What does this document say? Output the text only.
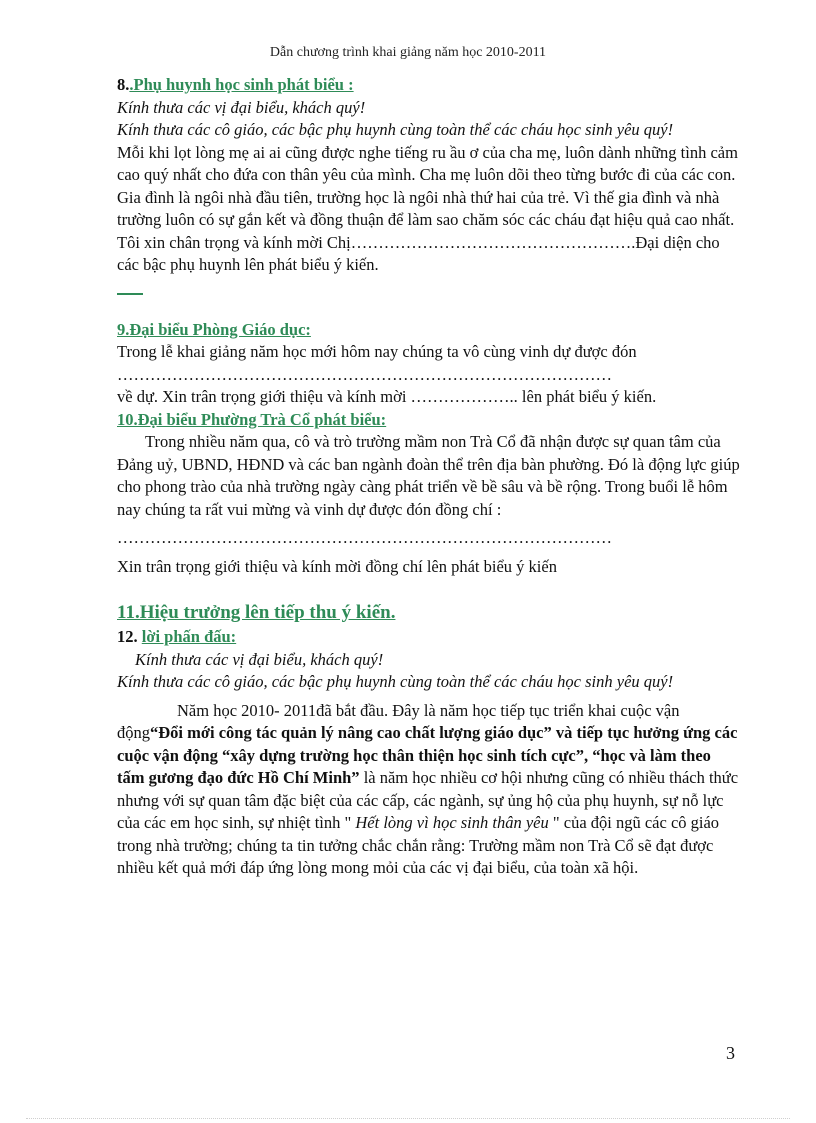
Dẫn chương trình khai giảng năm học 2010-2011

8..Phụ huynh học sinh phát biểu :

Kính thưa các vị đại biểu, khách quý!

Kính thưa các cô giáo, các bậc phụ huynh cùng toàn thể các cháu học sinh yêu quý!

Mỗi khi lọt lòng mẹ ai ai cũng được nghe tiếng ru ầu ơ của cha mẹ, luôn dành những tình cảm cao quý nhất cho đứa con thân yêu của mình. Cha mẹ luôn dõi theo từng bước đi của các con. Gia đình là ngôi nhà đầu tiên, trường học là ngôi nhà thứ hai của trẻ. Vì thế gia đình và nhà trường luôn có sự gắn kết và đồng thuận để làm sao chăm sóc các cháu đạt hiệu quả cao nhất. Tôi xin chân trọng và kính mời Chị…………………………………………….Đại diện cho các bậc phụ huynh lên phát biểu ý kiến.

9.Đại biểu Phòng Giáo dục:

Trong lễ khai giảng năm học mới hôm nay chúng ta vô cùng vinh dự được đón

………………………………………………………………………………

về dự. Xin trân trọng giới thiệu và kính mời ……………….. lên phát biểu ý kiến.

10.Đại biểu Phường Trà Cổ phát biểu:

Trong nhiều năm qua, cô và trò trường mầm non Trà Cổ đã nhận được sự quan tâm của Đảng uỷ, UBND, HĐND và các ban ngành đoàn thể trên địa bàn phường. Đó là động lực giúp cho phong trào của nhà trường ngày càng phát triển về bề sâu và bề rộng. Trong buổi lễ hôm nay chúng ta rất vui mừng và vinh dự được đón đồng chí :

………………………………………………………………………………

Xin trân trọng giới thiệu và kính mời đồng chí lên phát biểu ý kiến

11.Hiệu trưởng lên tiếp thu ý kiến.

12. lời phấn đấu:

Kính thưa các vị đại biểu, khách quý!

Kính thưa các cô giáo, các bậc phụ huynh cùng toàn thể các cháu học sinh yêu quý!

Năm học 2010- 2011đã bắt đầu. Đây là năm học tiếp tục triển khai cuộc vận động“Đổi mới công tác quản lý nâng cao chất lượng giáo dục” và tiếp tục hưởng ứng các cuộc vận động “xây dựng trường học thân thiện học sinh tích cực”, “học và làm theo tấm gương đạo đức Hồ Chí Minh” là năm học nhiều cơ hội nhưng cũng có nhiều thách thức nhưng với sự quan tâm đặc biệt của các cấp, các ngành, sự ủng hộ của phụ huynh, sự nỗ lực của các em học sinh, sự nhiệt tình " Hết lòng vì học sinh thân yêu " của đội ngũ các cô giáo trong nhà trường; chúng ta tin tưởng chắc chắn rằng: Trường mầm non Trà Cổ sẽ đạt được nhiều kết quả mới đáp ứng lòng mong mỏi của các vị đại biểu, của toàn xã hội.

3
